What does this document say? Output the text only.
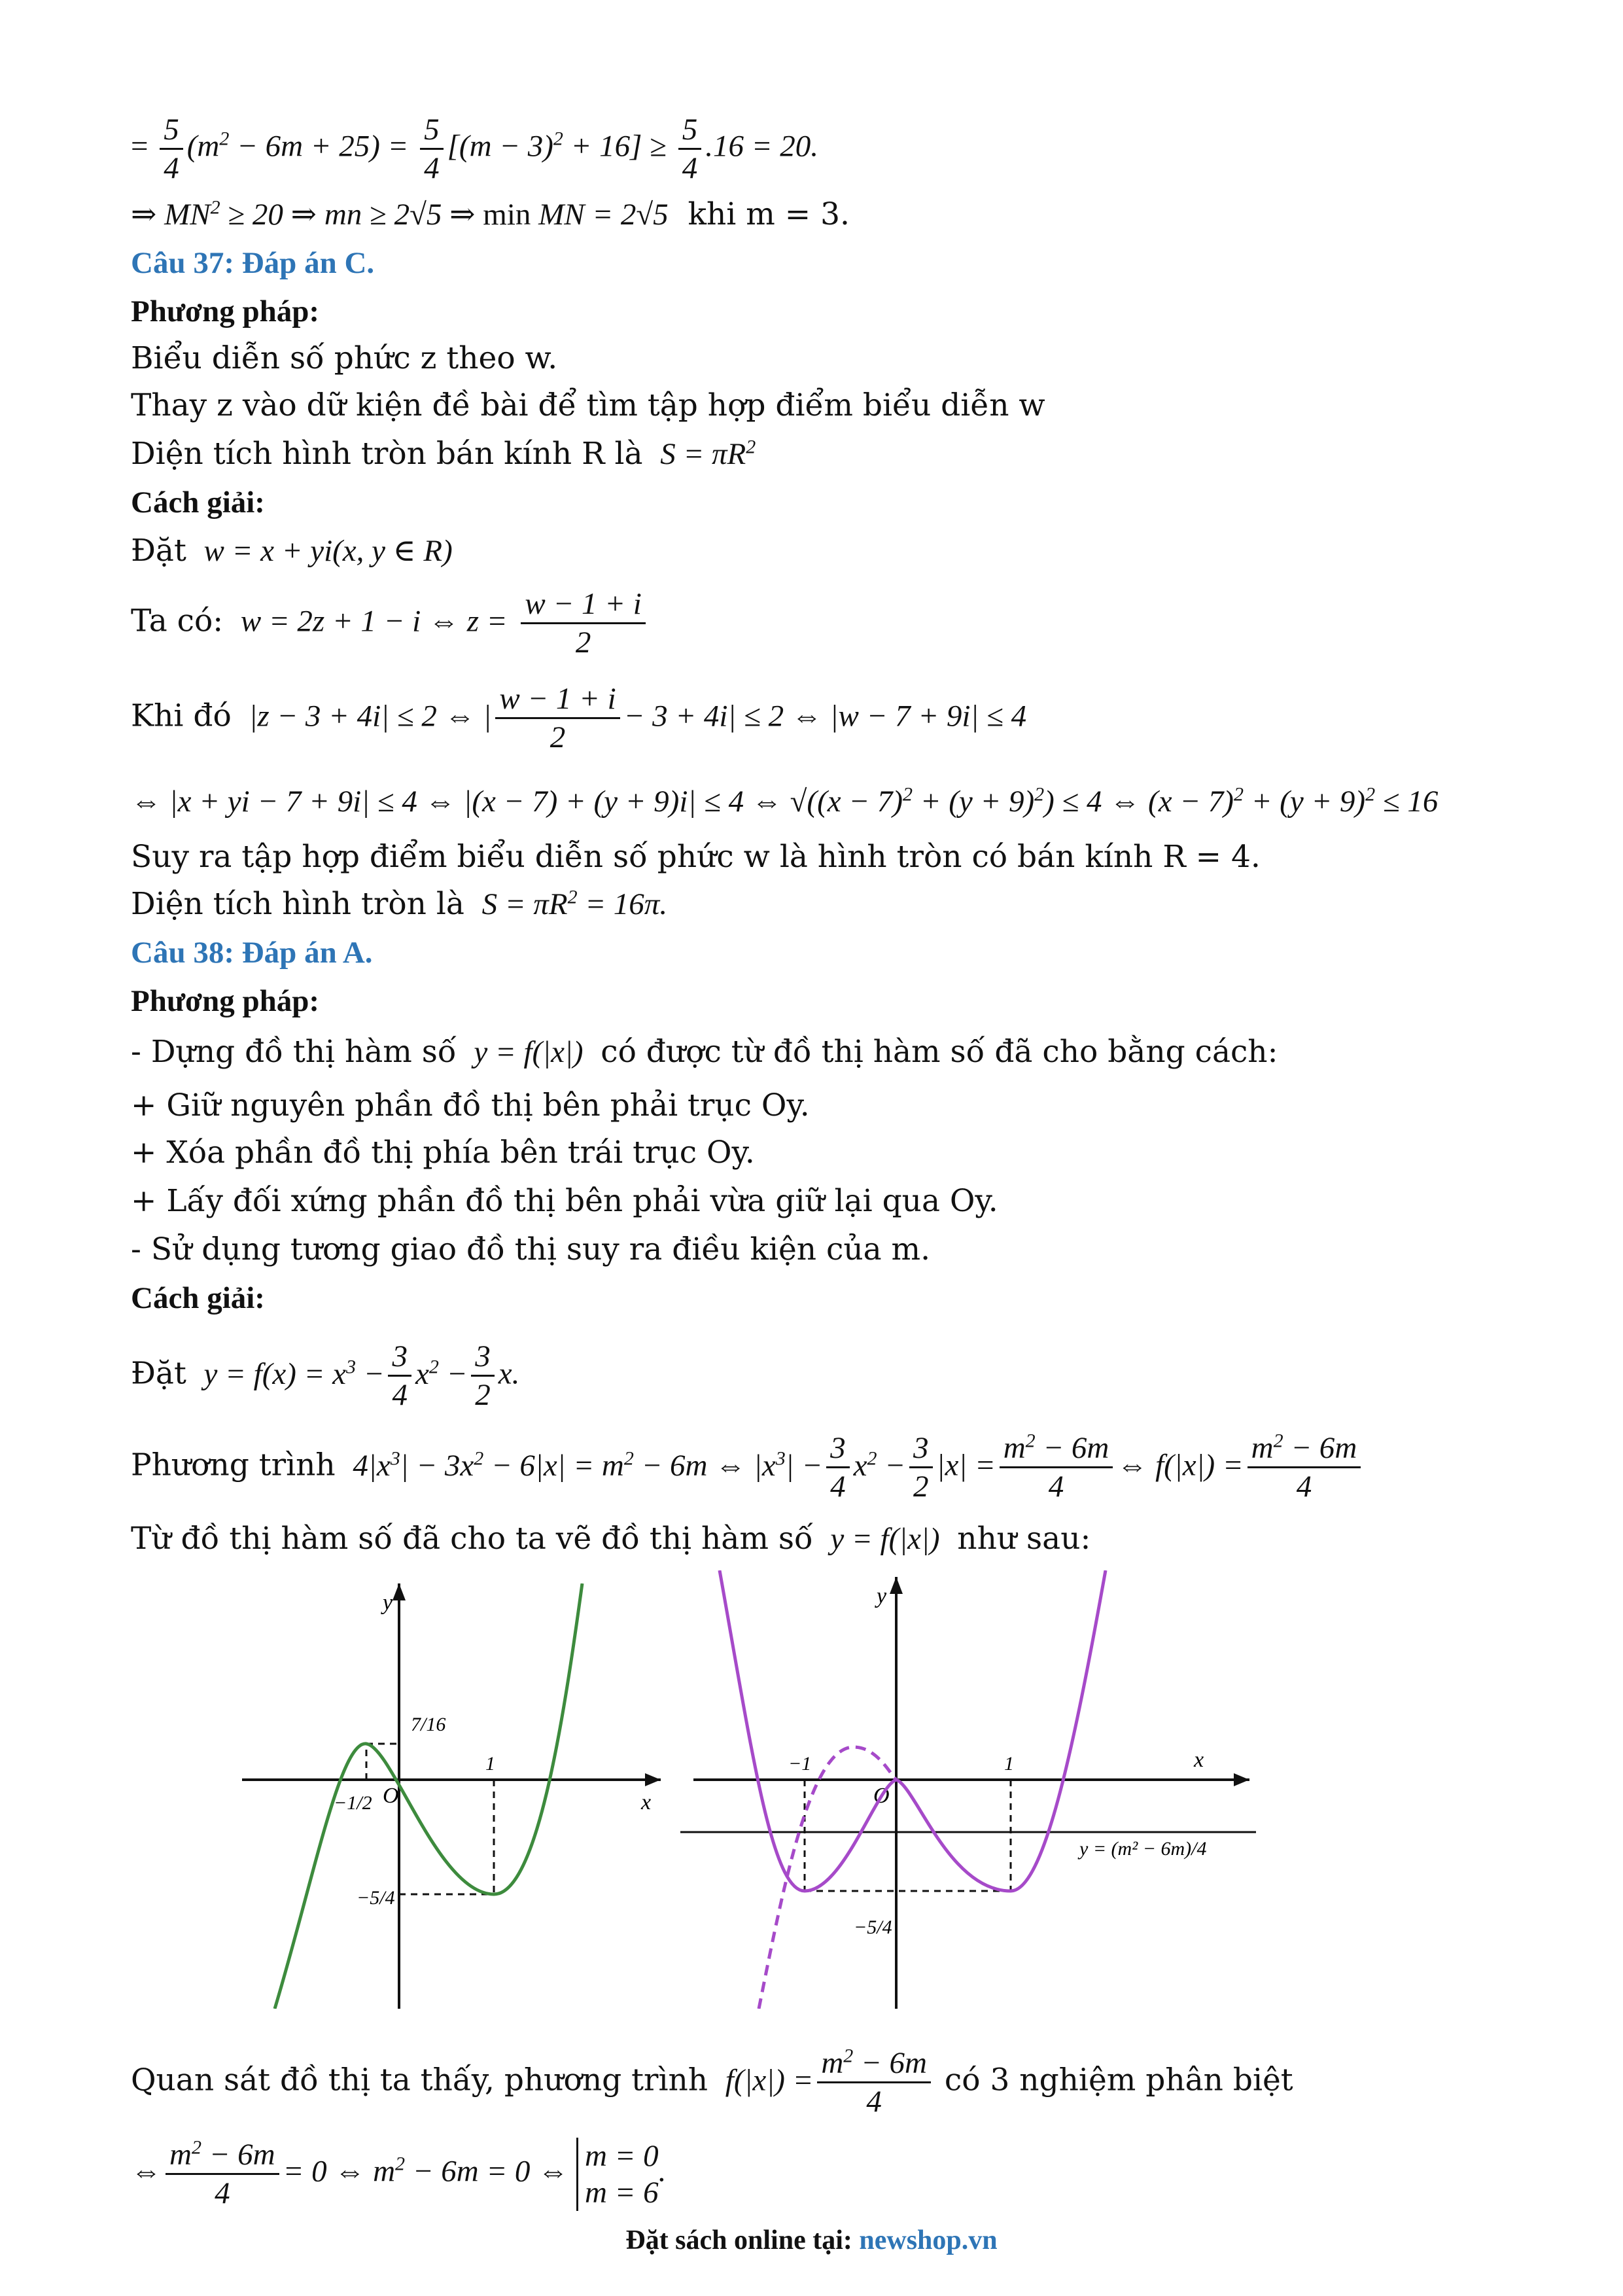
= $\frac{5}{4} (m^2 - 6m + 25) = \frac{5}{4} [(m - 3)^2 + 16] \ge \frac{5}{4} .16 = 20$.
⇒ $MN^2 \ge 20$ ⇒ mn ≥ 2√5 ⇒ min MN = 2√5  khi m = 3.
Câu 37: Đáp án C.
Phương pháp:
Biểu diễn số phức z theo w.
Thay z vào dữ kiện đề bài để tìm tập hợp điểm biểu diễn w
Diện tích hình tròn bán kính R là $S = \pi R^2$
Cách giải:
Đặt w = x + yi(x, y ∈ R)
Ta có: w = 2z + 1 − i ⇔ $z = \frac{w - 1 + i}{2}$
Khi đó  |z − 3 + 4i| ≤ 2 ⇔ | $\frac{w - 1 + i}{2} - 3 + 4i| \le 2$ ⇔ |w − 7 + 9i| ≤ 4
⇔ |x + yi − 7 + 9i| ≤ 4 ⇔ |(x − 7) + (y + 9)i| ≤ 4 ⇔ $√((x - 7)^2 + (y + 9)^2) \le 4$ ⇔ $(x - 7)^2 + (y + 9)^2 \le 16$
Suy ra tập hợp điểm biểu diễn số phức w là hình tròn có bán kính R = 4.
Diện tích hình tròn là $S = \pi R^2 = 16\pi$.
Câu 38: Đáp án A.
Phương pháp:
- Dựng đồ thị hàm số y = f(|x|)  có được từ đồ thị hàm số đã cho bằng cách:
+ Giữ nguyên phần đồ thị bên phải trục Oy.
+ Xóa phần đồ thị phía bên trái trục Oy.
+ Lấy đối xứng phần đồ thị bên phải vừa giữ lại qua Oy.
- Sử dụng tương giao đồ thị suy ra điều kiện của m.
Cách giải:
Đặt $y = f(x) = x^3 - \frac{3}{4} x^2 - \frac{3}{2} x$.
Phương trình  $4|x^3| - 3x^2 - 6|x| = m^2 - 6m$ ⇔ $|x^3| - \frac{3}{4} x^2 - \frac{3}{2} |x| = \frac{m^2 - 6m}{4}$ ⇔ $f(|x|) = \frac{m^2 - 6m}{4}$
Từ đồ thị hàm số đã cho ta vẽ đồ thị hàm số y = f(|x|)  như sau:
y
x
O
7/16
1
−1/2
−5/4
y
x
O
−1	1
−5/4
y = (m² − 6m)/4
Quan sát đồ thị ta thấy, phương trình $f(|x|) = \frac{m^2 - 6m}{4}$ có 3 nghiệm phân biệt
⇔ $\frac{m^2 - 6m}{4} = 0$ ⇔ $m^2 - 6m = 0$ ⇔ m = 0
m = 6
.
Đặt sách online tại: newshop.vn
